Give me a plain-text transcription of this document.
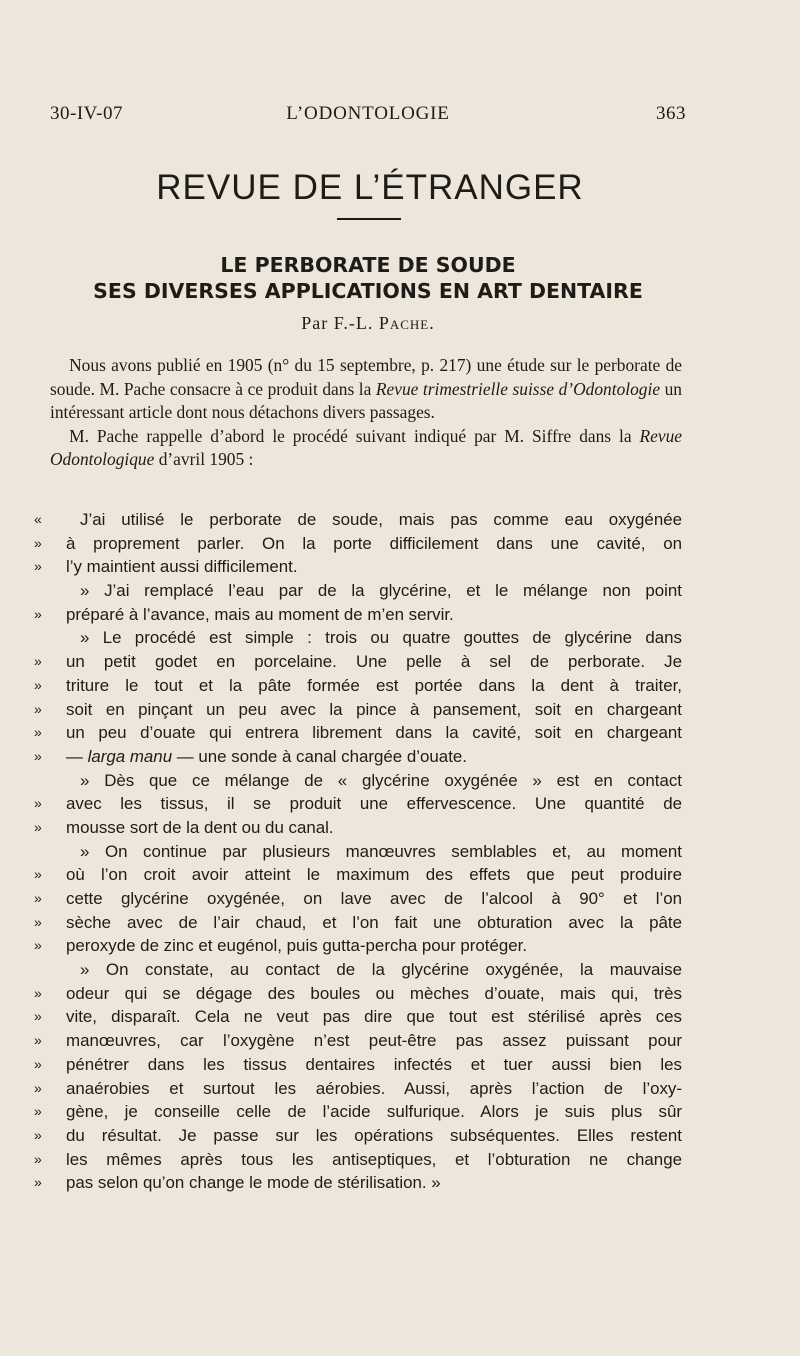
30-IV-07	L’ODONTOLOGIE	363
REVUE DE L’ÉTRANGER
LE PERBORATE DE SOUDE
SES DIVERSES APPLICATIONS EN ART DENTAIRE
Par F.-L. Pache.

Nous avons publié en 1905 (n° du 15 septembre, p. 217) une étude sur le perborate de soude. M. Pache consacre à ce produit dans la Revue trimestrielle suisse d’Odontologie un intéressant article dont nous détachons divers passages.

M. Pache rappelle d’abord le procédé suivant indiqué par M. Siffre dans la Revue Odontologique d’avril 1905 :

«	J’ai utilisé le perborate de soude, mais pas comme eau oxygénée
»	à proprement parler. On la porte difficilement dans une cavité, on
»	l’y maintient aussi difficilement.
» J’ai remplacé l’eau par de la glycérine, et le mélange non point
»	préparé à l’avance, mais au moment de m’en servir.
» Le procédé est simple : trois ou quatre gouttes de glycérine dans
»	un petit godet en porcelaine. Une pelle à sel de perborate. Je
»	triture le tout et la pâte formée est portée dans la dent à traiter,
»	soit en pinçant un peu avec la pince à pansement, soit en chargeant
»	un peu d’ouate qui entrera librement dans la cavité, soit en chargeant
»	— larga manu — une sonde à canal chargée d’ouate.
» Dès que ce mélange de « glycérine oxygénée » est en contact
»	avec les tissus, il se produit une effervescence. Une quantité de
»	mousse sort de la dent ou du canal.
» On continue par plusieurs manœuvres semblables et, au moment
»	où l’on croit avoir atteint le maximum des effets que peut produire
»	cette glycérine oxygénée, on lave avec de l’alcool à 90° et l’on
»	sèche avec de l’air chaud, et l’on fait une obturation avec la pâte
»	peroxyde de zinc et eugénol, puis gutta-percha pour protéger.
» On constate, au contact de la glycérine oxygénée, la mauvaise
»	odeur qui se dégage des boules ou mèches d’ouate, mais qui, très
»	vite, disparaît. Cela ne veut pas dire que tout est stérilisé après ces
»	manœuvres, car l’oxygène n’est peut-être pas assez puissant pour
»	pénétrer dans les tissus dentaires infectés et tuer aussi bien les
»	anaérobies et surtout les aérobies. Aussi, après l’action de l’oxy-
»	gène, je conseille celle de l’acide sulfurique. Alors je suis plus sûr
»	du résultat. Je passe sur les opérations subséquentes. Elles restent
»	les mêmes après tous les antiseptiques, et l’obturation ne change
»	pas selon qu’on change le mode de stérilisation. »
